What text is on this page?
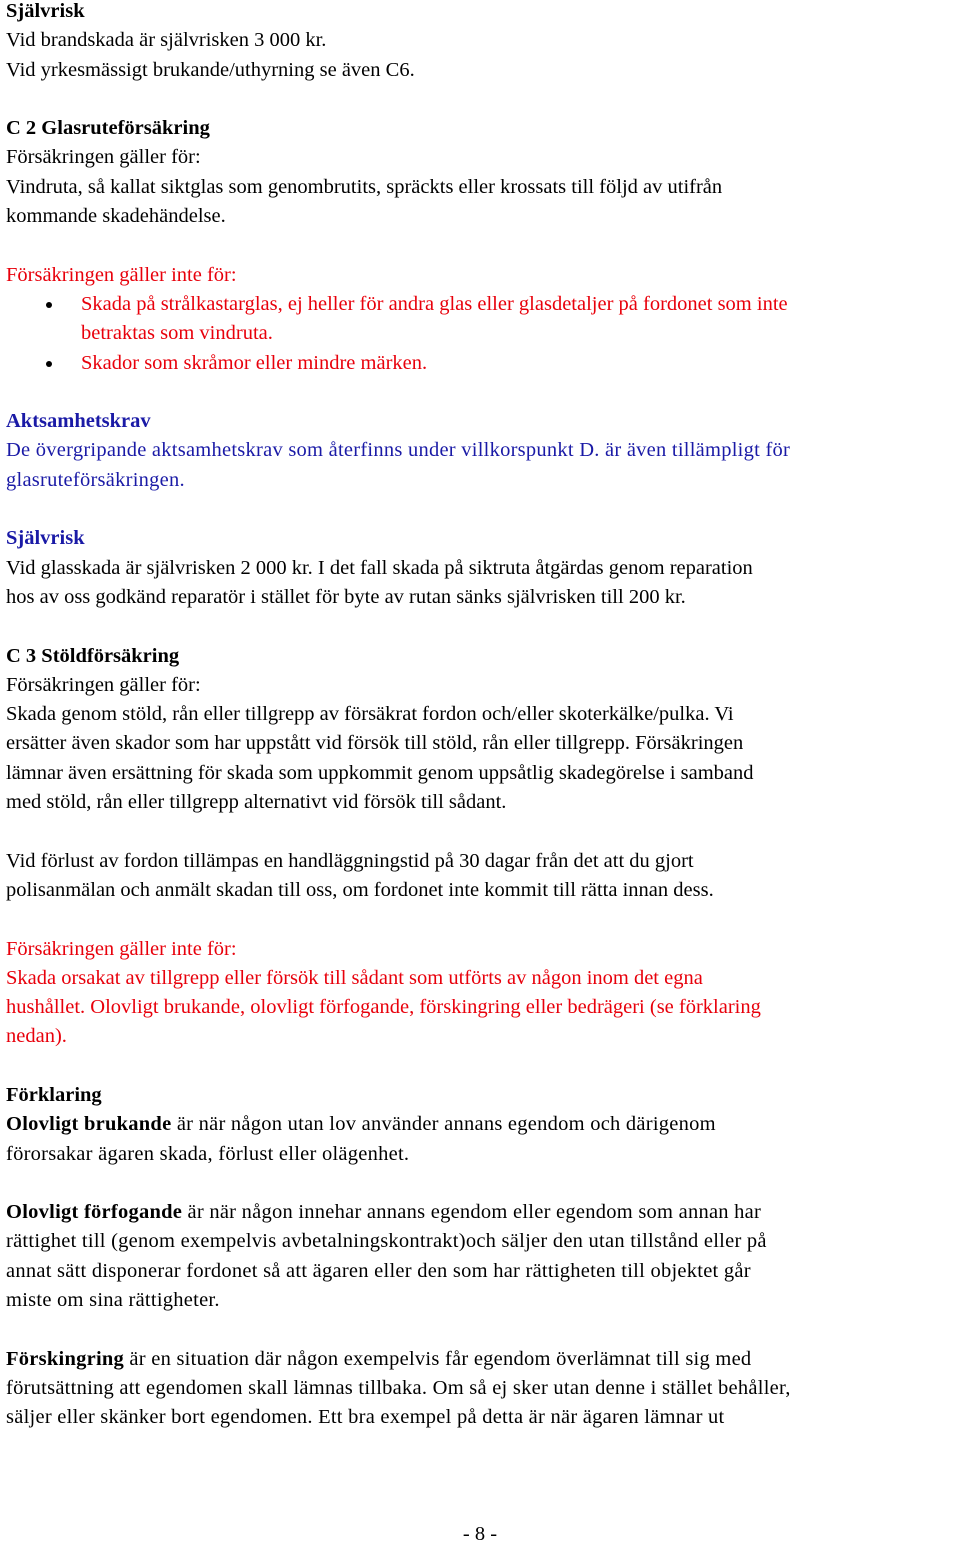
Självrisk
Vid brandskada är självrisken 3 000 kr.
Vid yrkesmässigt brukande/uthyrning se även C6.
C 2 Glasruteförsäkring
Försäkringen gäller för:
Vindruta, så kallat siktglas som genombrutits, spräckts eller krossats till följd av utifrån
kommande skadehändelse.
Försäkringen gäller inte för:
Skada på strålkastarglas, ej heller för andra glas eller glasdetaljer på fordonet som inte
betraktas som vindruta.
Skador som skråmor eller mindre märken.
Aktsamhetskrav
De övergripande aktsamhetskrav som återfinns under villkorspunkt D. är även tillämpligt för
glasruteförsäkringen.
Självrisk
Vid glasskada är självrisken 2 000 kr. I det fall skada på siktruta åtgärdas genom reparation
hos av oss godkänd reparatör i stället för byte av rutan sänks självrisken till 200 kr.
C 3 Stöldförsäkring
Försäkringen gäller för:
Skada genom stöld, rån eller tillgrepp av försäkrat fordon och/eller skoterkälke/pulka. Vi
ersätter även skador som har uppstått vid försök till stöld, rån eller tillgrepp. Försäkringen
lämnar även ersättning för skada som uppkommit genom uppsåtlig skadegörelse i samband
med stöld, rån eller tillgrepp alternativt vid försök till sådant.
Vid förlust av fordon tillämpas en handläggningstid på 30 dagar från det att du gjort
polisanmälan och anmält skadan till oss, om fordonet inte kommit till rätta innan dess.
Försäkringen gäller inte för:
Skada orsakat av tillgrepp eller försök till sådant som utförts av någon inom det egna
hushållet. Olovligt brukande, olovligt förfogande, förskingring eller bedrägeri (se förklaring
nedan).
Förklaring
Olovligt brukande är när någon utan lov använder annans egendom och därigenom
förorsakar ägaren skada, förlust eller olägenhet.
Olovligt förfogande är när någon innehar annans egendom eller egendom som annan har
rättighet till (genom exempelvis avbetalningskontrakt)och säljer den utan tillstånd eller på
annat sätt disponerar fordonet så att ägaren eller den som har rättigheten till objektet går
miste om sina rättigheter.
Förskingring är en situation där någon exempelvis får egendom överlämnat till sig med
förutsättning att egendomen skall lämnas tillbaka. Om så ej sker utan denne i stället behåller,
säljer eller skänker bort egendomen. Ett bra exempel på detta är när ägaren lämnar ut
- 8 -
